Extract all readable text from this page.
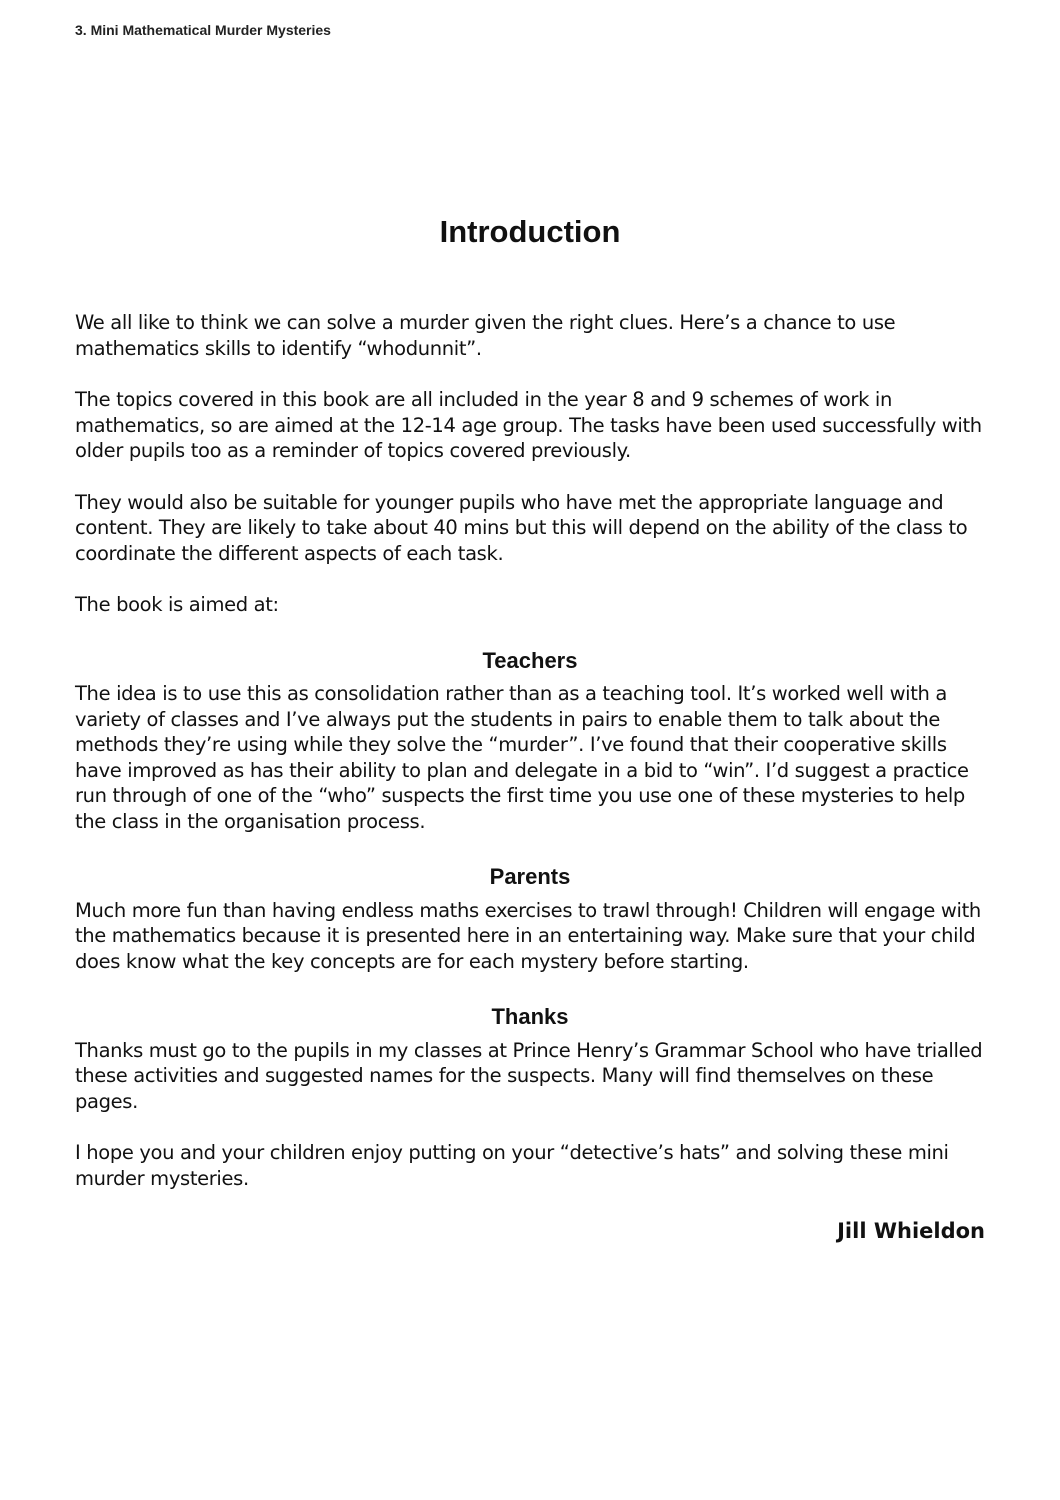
3. Mini Mathematical Murder Mysteries

Introduction

We all like to think we can solve a murder given the right clues. Here’s a chance to use mathematics skills to identify “whodunnit”.

The topics covered in this book are all included in the year 8 and 9 schemes of work in mathematics, so are aimed at the 12-14 age group. The tasks have been used successfully with older pupils too as a reminder of topics covered previously.

They would also be suitable for younger pupils who have met the appropriate language and content. They are likely to take about 40 mins but this will depend on the ability of the class to coordinate the different aspects of each task.

The book is aimed at:

Teachers

The idea is to use this as consolidation rather than as a teaching tool. It’s worked well with a variety of classes and I’ve always put the students in pairs to enable them to talk about the methods they’re using while they solve the “murder”. I’ve found that their cooperative skills have improved as has their ability to plan and delegate in a bid to “win”. I’d suggest a practice run through of one of the “who” suspects the first time you use one of these mysteries to help the class in the organisation process.

Parents

Much more fun than having endless maths exercises to trawl through! Children will engage with the mathematics because it is presented here in an entertaining way. Make sure that your child does know what the key concepts are for each mystery before starting.

Thanks

Thanks must go to the pupils in my classes at Prince Henry’s Grammar School who have trialled these activities and suggested names for the suspects. Many will find themselves on these pages.

I hope you and your children enjoy putting on your “detective’s hats” and solving these mini murder mysteries.

Jill Whieldon
